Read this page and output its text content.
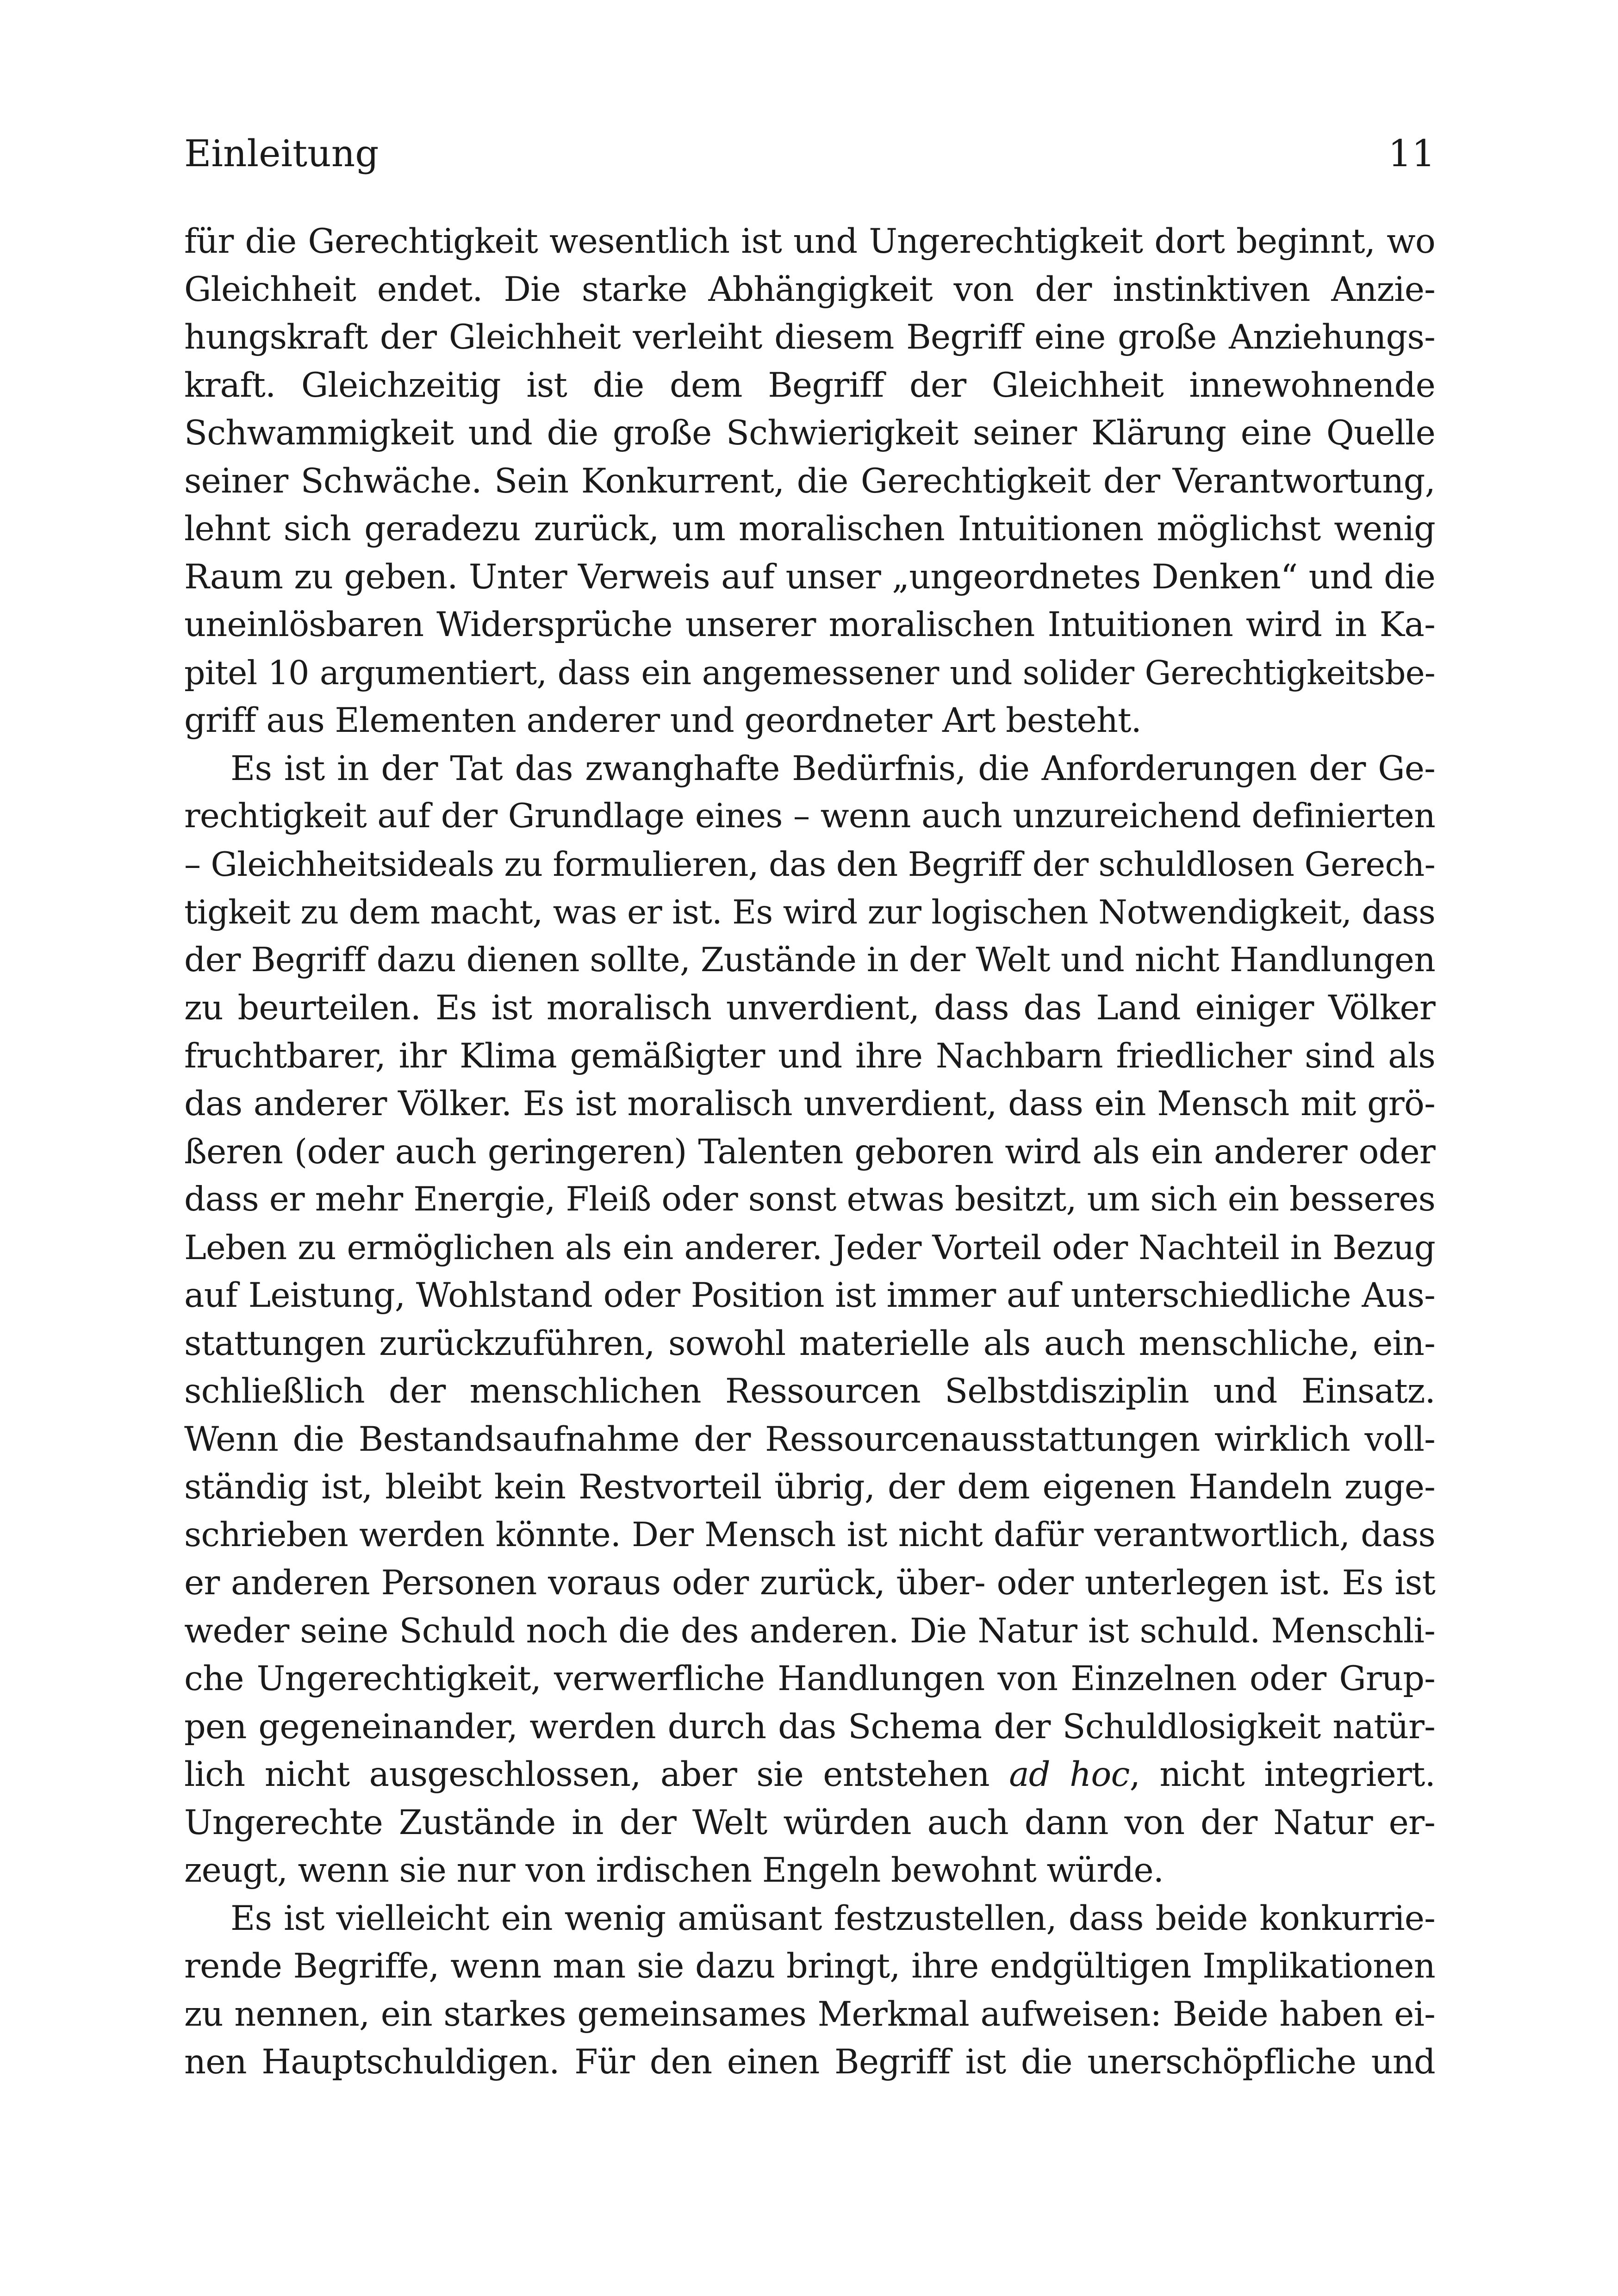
Einleitung	11
für die Gerechtigkeit wesentlich ist und Ungerechtigkeit dort beginnt, wo
Gleichheit endet. Die starke Abhängigkeit von der instinktiven Anzie-
hungskraft der Gleichheit verleiht diesem Begriff eine große Anziehungs-
kraft. Gleichzeitig ist die dem Begriff der Gleichheit innewohnende
Schwammigkeit und die große Schwierigkeit seiner Klärung eine Quelle
seiner Schwäche. Sein Konkurrent, die Gerechtigkeit der Verantwortung,
lehnt sich geradezu zurück, um moralischen Intuitionen möglichst wenig
Raum zu geben. Unter Verweis auf unser „ungeordnetes Denken“ und die
uneinlösbaren Widersprüche unserer moralischen Intuitionen wird in Ka-
pitel 10 argumentiert, dass ein angemessener und solider Gerechtigkeitsbe-
griff aus Elementen anderer und geordneter Art besteht.
Es ist in der Tat das zwanghafte Bedürfnis, die Anforderungen der Ge-
rechtigkeit auf der Grundlage eines – wenn auch unzureichend definierten
– Gleichheitsideals zu formulieren, das den Begriff der schuldlosen Gerech-
tigkeit zu dem macht, was er ist. Es wird zur logischen Notwendigkeit, dass
der Begriff dazu dienen sollte, Zustände in der Welt und nicht Handlungen
zu beurteilen. Es ist moralisch unverdient, dass das Land einiger Völker
fruchtbarer, ihr Klima gemäßigter und ihre Nachbarn friedlicher sind als
das anderer Völker. Es ist moralisch unverdient, dass ein Mensch mit grö-
ßeren (oder auch geringeren) Talenten geboren wird als ein anderer oder
dass er mehr Energie, Fleiß oder sonst etwas besitzt, um sich ein besseres
Leben zu ermöglichen als ein anderer. Jeder Vorteil oder Nachteil in Bezug
auf Leistung, Wohlstand oder Position ist immer auf unterschiedliche Aus-
stattungen zurückzuführen, sowohl materielle als auch menschliche, ein-
schließlich der menschlichen Ressourcen Selbstdisziplin und Einsatz.
Wenn die Bestandsaufnahme der Ressourcenausstattungen wirklich voll-
ständig ist, bleibt kein Restvorteil übrig, der dem eigenen Handeln zuge-
schrieben werden könnte. Der Mensch ist nicht dafür verantwortlich, dass
er anderen Personen voraus oder zurück, über- oder unterlegen ist. Es ist
weder seine Schuld noch die des anderen. Die Natur ist schuld. Menschli-
che Ungerechtigkeit, verwerfliche Handlungen von Einzelnen oder Grup-
pen gegeneinander, werden durch das Schema der Schuldlosigkeit natür-
lich nicht ausgeschlossen, aber sie entstehen ad hoc, nicht integriert.
Ungerechte Zustände in der Welt würden auch dann von der Natur er-
zeugt, wenn sie nur von irdischen Engeln bewohnt würde.
Es ist vielleicht ein wenig amüsant festzustellen, dass beide konkurrie-
rende Begriffe, wenn man sie dazu bringt, ihre endgültigen Implikationen
zu nennen, ein starkes gemeinsames Merkmal aufweisen: Beide haben ei-
nen Hauptschuldigen. Für den einen Begriff ist die unerschöpfliche und
